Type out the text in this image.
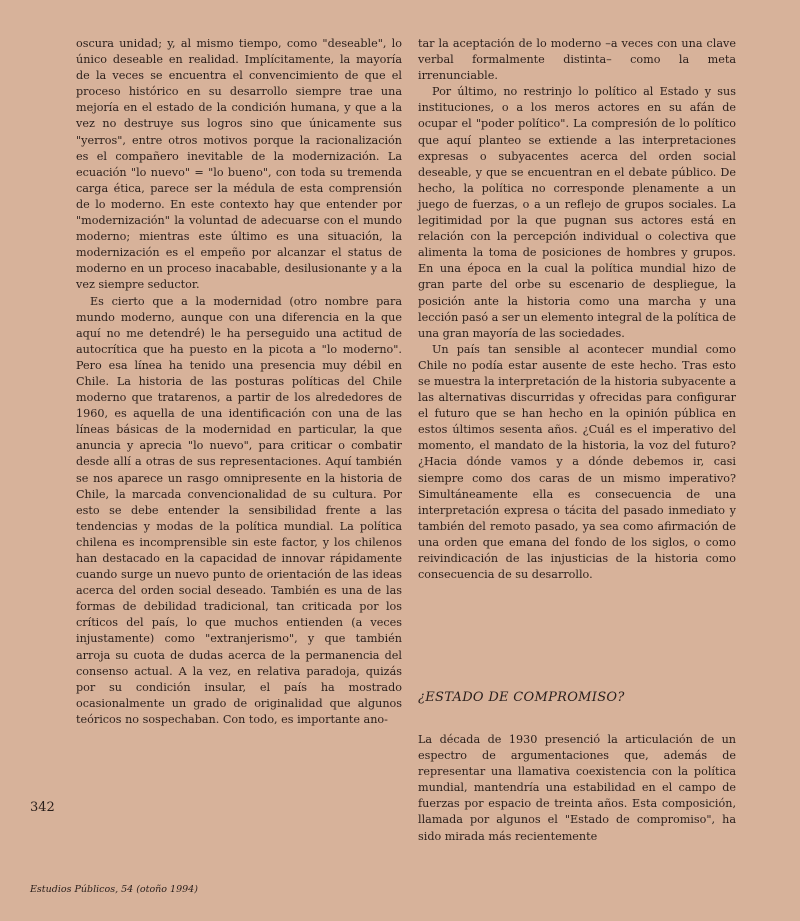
oscura unidad; y, al mismo tiempo, como "deseable", lo único deseable en realidad. Implícitamente, la mayoría de la veces se encuentra el convencimiento de que el proceso histórico en su desarrollo siempre trae una mejoría en el estado de la condición humana, y que a la vez no destruye sus logros sino que únicamente sus "yerros", entre otros motivos porque la racionalización es el compañero inevitable de la modernización. La ecuación "lo nuevo" = "lo bueno", con toda su tremenda carga ética, parece ser la médula de esta comprensión de lo moderno. En este contexto hay que entender por "modernización" la voluntad de adecuarse con el mundo moderno; mientras este último es una situación, la modernización es el empeño por alcanzar el status de moderno en un proceso inacabable, desilusionante y a la vez siempre seductor.

Es cierto que a la modernidad (otro nombre para mundo moderno, aunque con una diferencia en la que aquí no me detendré) le ha perseguido una actitud de autocrítica que ha puesto en la picota a "lo moderno". Pero esa línea ha tenido una presencia muy débil en Chile. La historia de las posturas políticas del Chile moderno que tratarenos, a partir de los alrededores de 1960, es aquella de una identificación con una de las líneas básicas de la modernidad en particular, la que anuncia y aprecia "lo nuevo", para criticar o combatir desde allí a otras de sus representaciones. Aquí también se nos aparece un rasgo omnipresente en la historia de Chile, la marcada convencionalidad de su cultura. Por esto se debe entender la sensibilidad frente a las tendencias y modas de la política mundial. La política chilena es incomprensible sin este factor, y los chilenos han destacado en la capacidad de innovar rápidamente cuando surge un nuevo punto de orientación de las ideas acerca del orden social deseado. También es una de las formas de debilidad tradicional, tan criticada por los críticos del país, lo que muchos entienden (a veces injustamente) como "extranjerismo", y que también arroja su cuota de dudas acerca de la permanencia del consenso actual. A la vez, en relativa paradoja, quizás por su condición insular, el país ha mostrado ocasionalmente un grado de originalidad que algunos teóricos no sospechaban. Con todo, es importante ano-

tar la aceptación de lo moderno –a veces con una clave verbal formalmente distinta– como la meta irrenunciable.

Por último, no restrinjo lo político al Estado y sus instituciones, o a los meros actores en su afán de ocupar el "poder político". La compresión de lo político que aquí planteo se extiende a las interpretaciones expresas o subyacentes acerca del orden social deseable, y que se encuentran en el debate público. De hecho, la política no corresponde plenamente a un juego de fuerzas, o a un reflejo de grupos sociales. La legitimidad por la que pugnan sus actores está en relación con la percepción individual o colectiva que alimenta la toma de posiciones de hombres y grupos. En una época en la cual la política mundial hizo de gran parte del orbe su escenario de despliegue, la posición ante la historia como una marcha y una lección pasó a ser un elemento integral de la política de una gran mayoría de las sociedades.

Un país tan sensible al acontecer mundial como Chile no podía estar ausente de este hecho. Tras esto se muestra la interpretación de la historia subyacente a las alternativas discurridas y ofrecidas para configurar el futuro que se han hecho en la opinión pública en estos últimos sesenta años. ¿Cuál es el imperativo del momento, el mandato de la historia, la voz del futuro? ¿Hacia dónde vamos y a dónde debemos ir, casi siempre como dos caras de un mismo imperativo? Simultáneamente ella es consecuencia de una interpretación expresa o tácita del pasado inmediato y también del remoto pasado, ya sea como afirmación de una orden que emana del fondo de los siglos, o como reivindicación de las injusticias de la historia como consecuencia de su desarrollo.

¿ESTADO DE COMPROMISO?

La década de 1930 presenció la articulación de un espectro de argumentaciones que, además de representar una llamativa coexistencia con la política mundial, mantendría una estabilidad en el campo de fuerzas por espacio de treinta años. Esta composición, llamada por algunos el "Estado de compromiso", ha sido mirada más recientemente

342
Estudios Públicos, 54 (otoño 1994)
